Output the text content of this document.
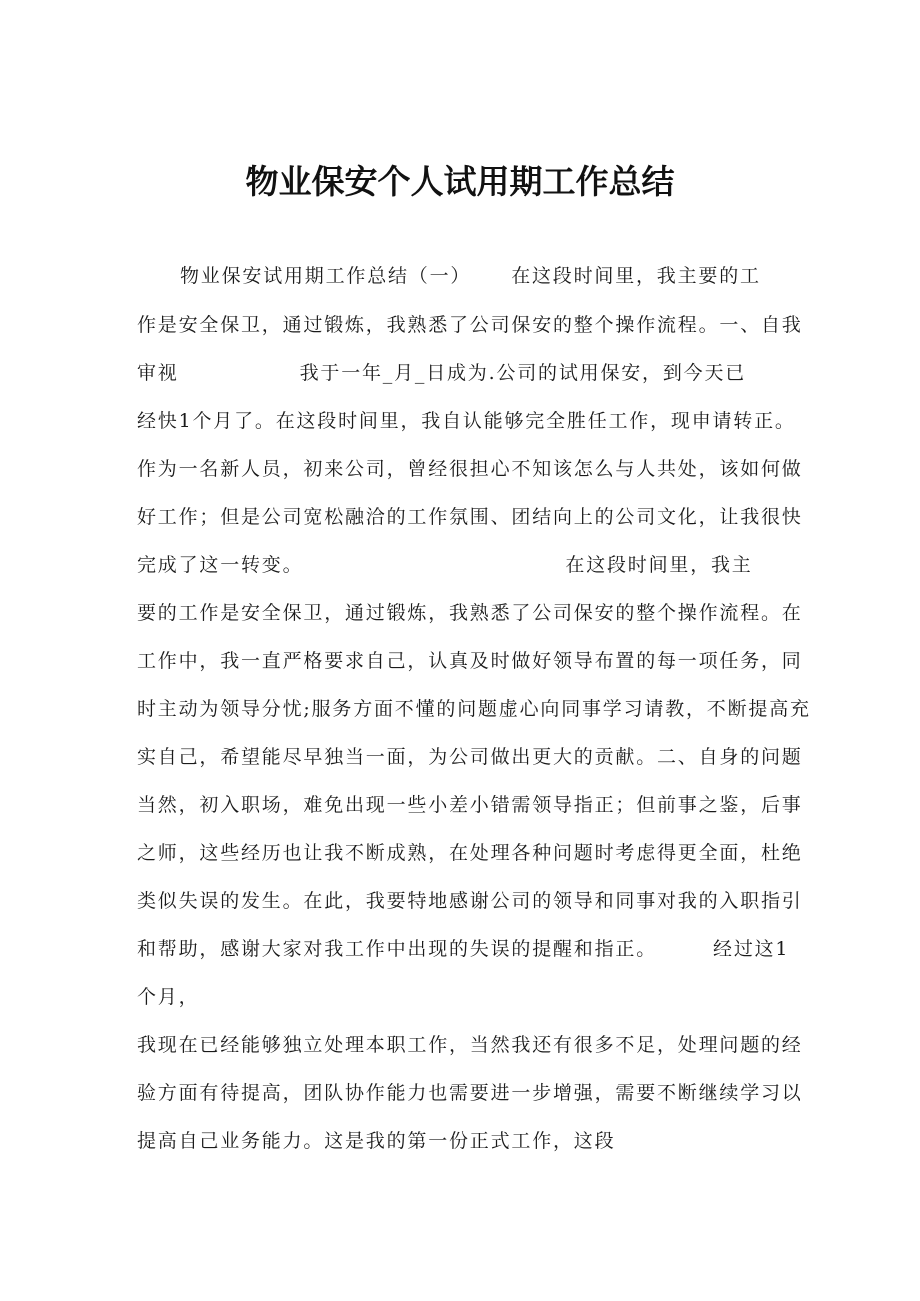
物业保安个人试用期工作总结
物业保安试用期工作总结（一） 在这段时间里，我主要的工
作是安全保卫，通过锻炼，我熟悉了公司保安的整个操作流程。一、自我
审视	我于一年_月_日成为.公司的试用保安，到今天已
经快1个月了。在这段时间里，我自认能够完全胜任工作，现申请转正。
作为一名新人员，初来公司，曾经很担心不知该怎么与人共处，该如何做
好工作；但是公司宽松融洽的工作氛围、团结向上的公司文化，让我很快
完成了这一转变。	在这段时间里，我主
要的工作是安全保卫，通过锻炼，我熟悉了公司保安的整个操作流程。在
工作中，我一直严格要求自己，认真及时做好领导布置的每一项任务，同
时主动为领导分忧;服务方面不懂的问题虚心向同事学习请教，不断提高充
实自己，希望能尽早独当一面，为公司做出更大的贡献。二、自身的问题
当然，初入职场，难免出现一些小差小错需领导指正；但前事之鉴，后事
之师，这些经历也让我不断成熟，在处理各种问题时考虑得更全面，杜绝
类似失误的发生。在此，我要特地感谢公司的领导和同事对我的入职指引
和帮助，感谢大家对我工作中出现的失误的提醒和指正。	经过这1
个月，
我现在已经能够独立处理本职工作，当然我还有很多不足，处理问题的经
验方面有待提高，团队协作能力也需要进一步增强，需要不断继续学习以
提高自己业务能力。这是我的第一份正式工作，这段
